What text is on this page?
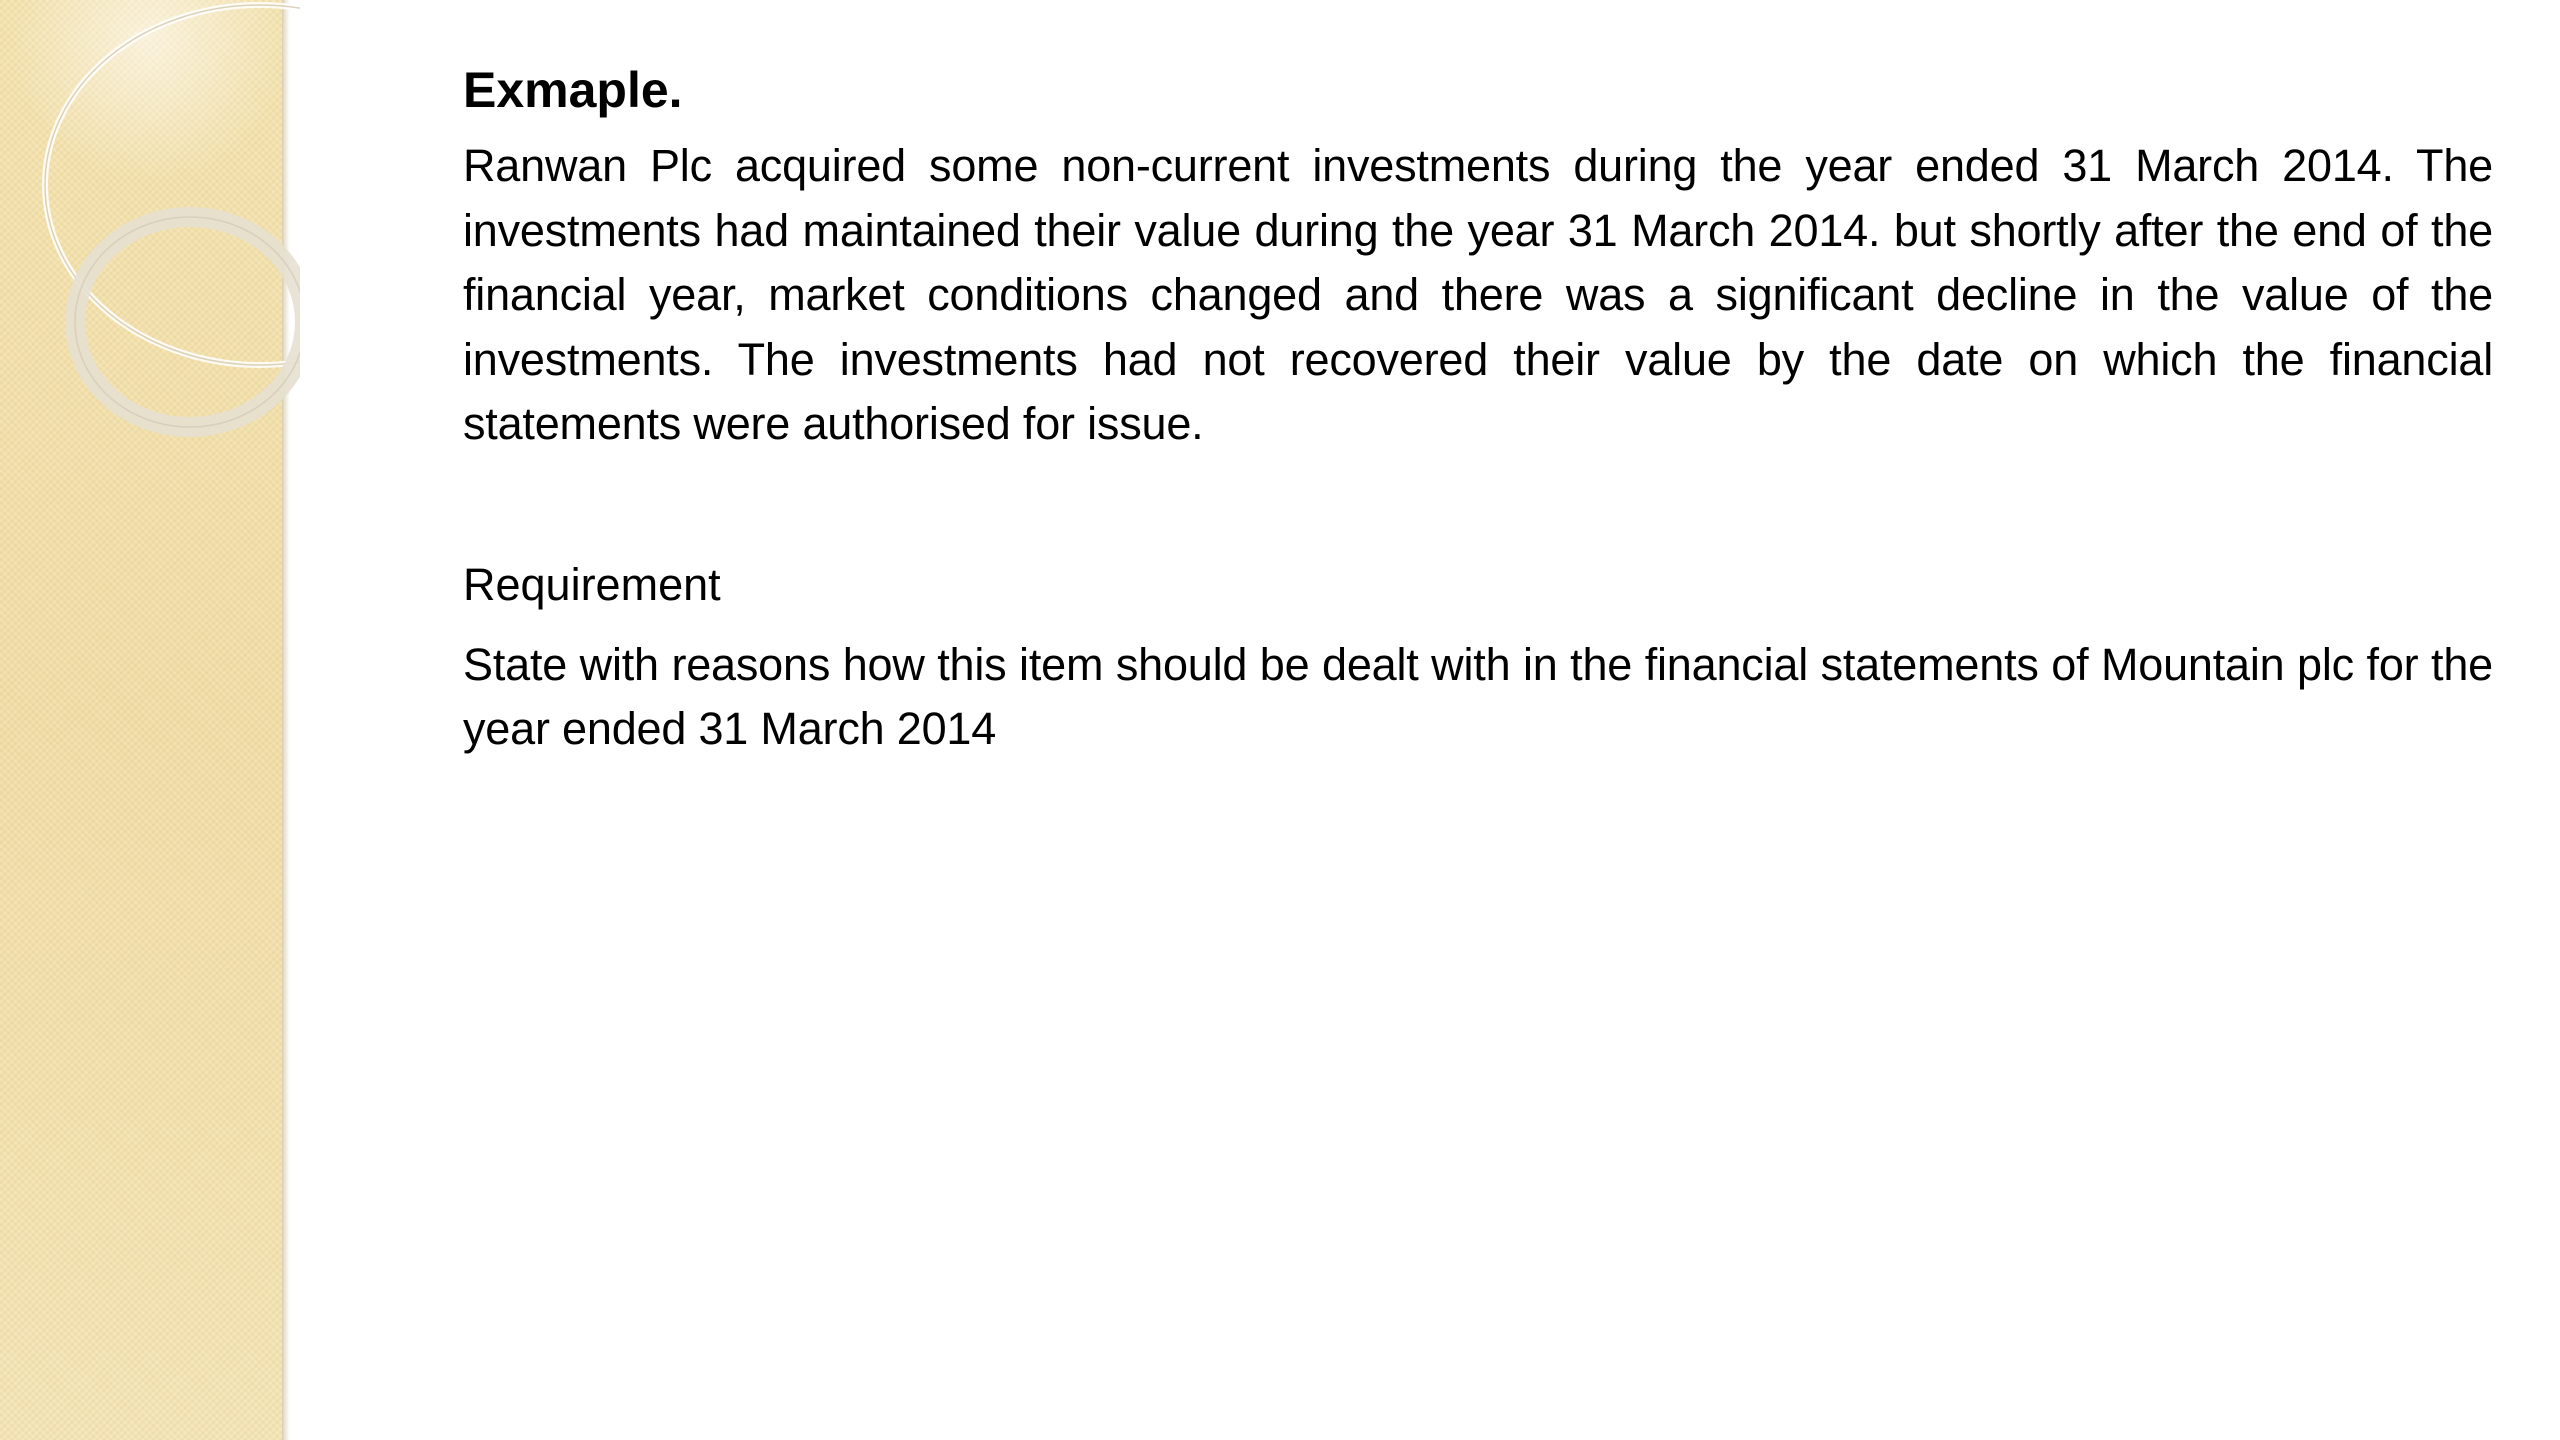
Exmaple.

Ranwan Plc acquired some non-current investments during the year ended 31 March 2014. The investments had maintained their value during the year 31 March 2014. but shortly after the end of the financial year, market conditions changed and there was a significant decline in the value of the investments. The investments had not recovered their value by the date on which the financial statements were authorised for issue.

Requirement

State with reasons how this item should be dealt with in the financial statements of Mountain plc for the year ended 31 March 2014
